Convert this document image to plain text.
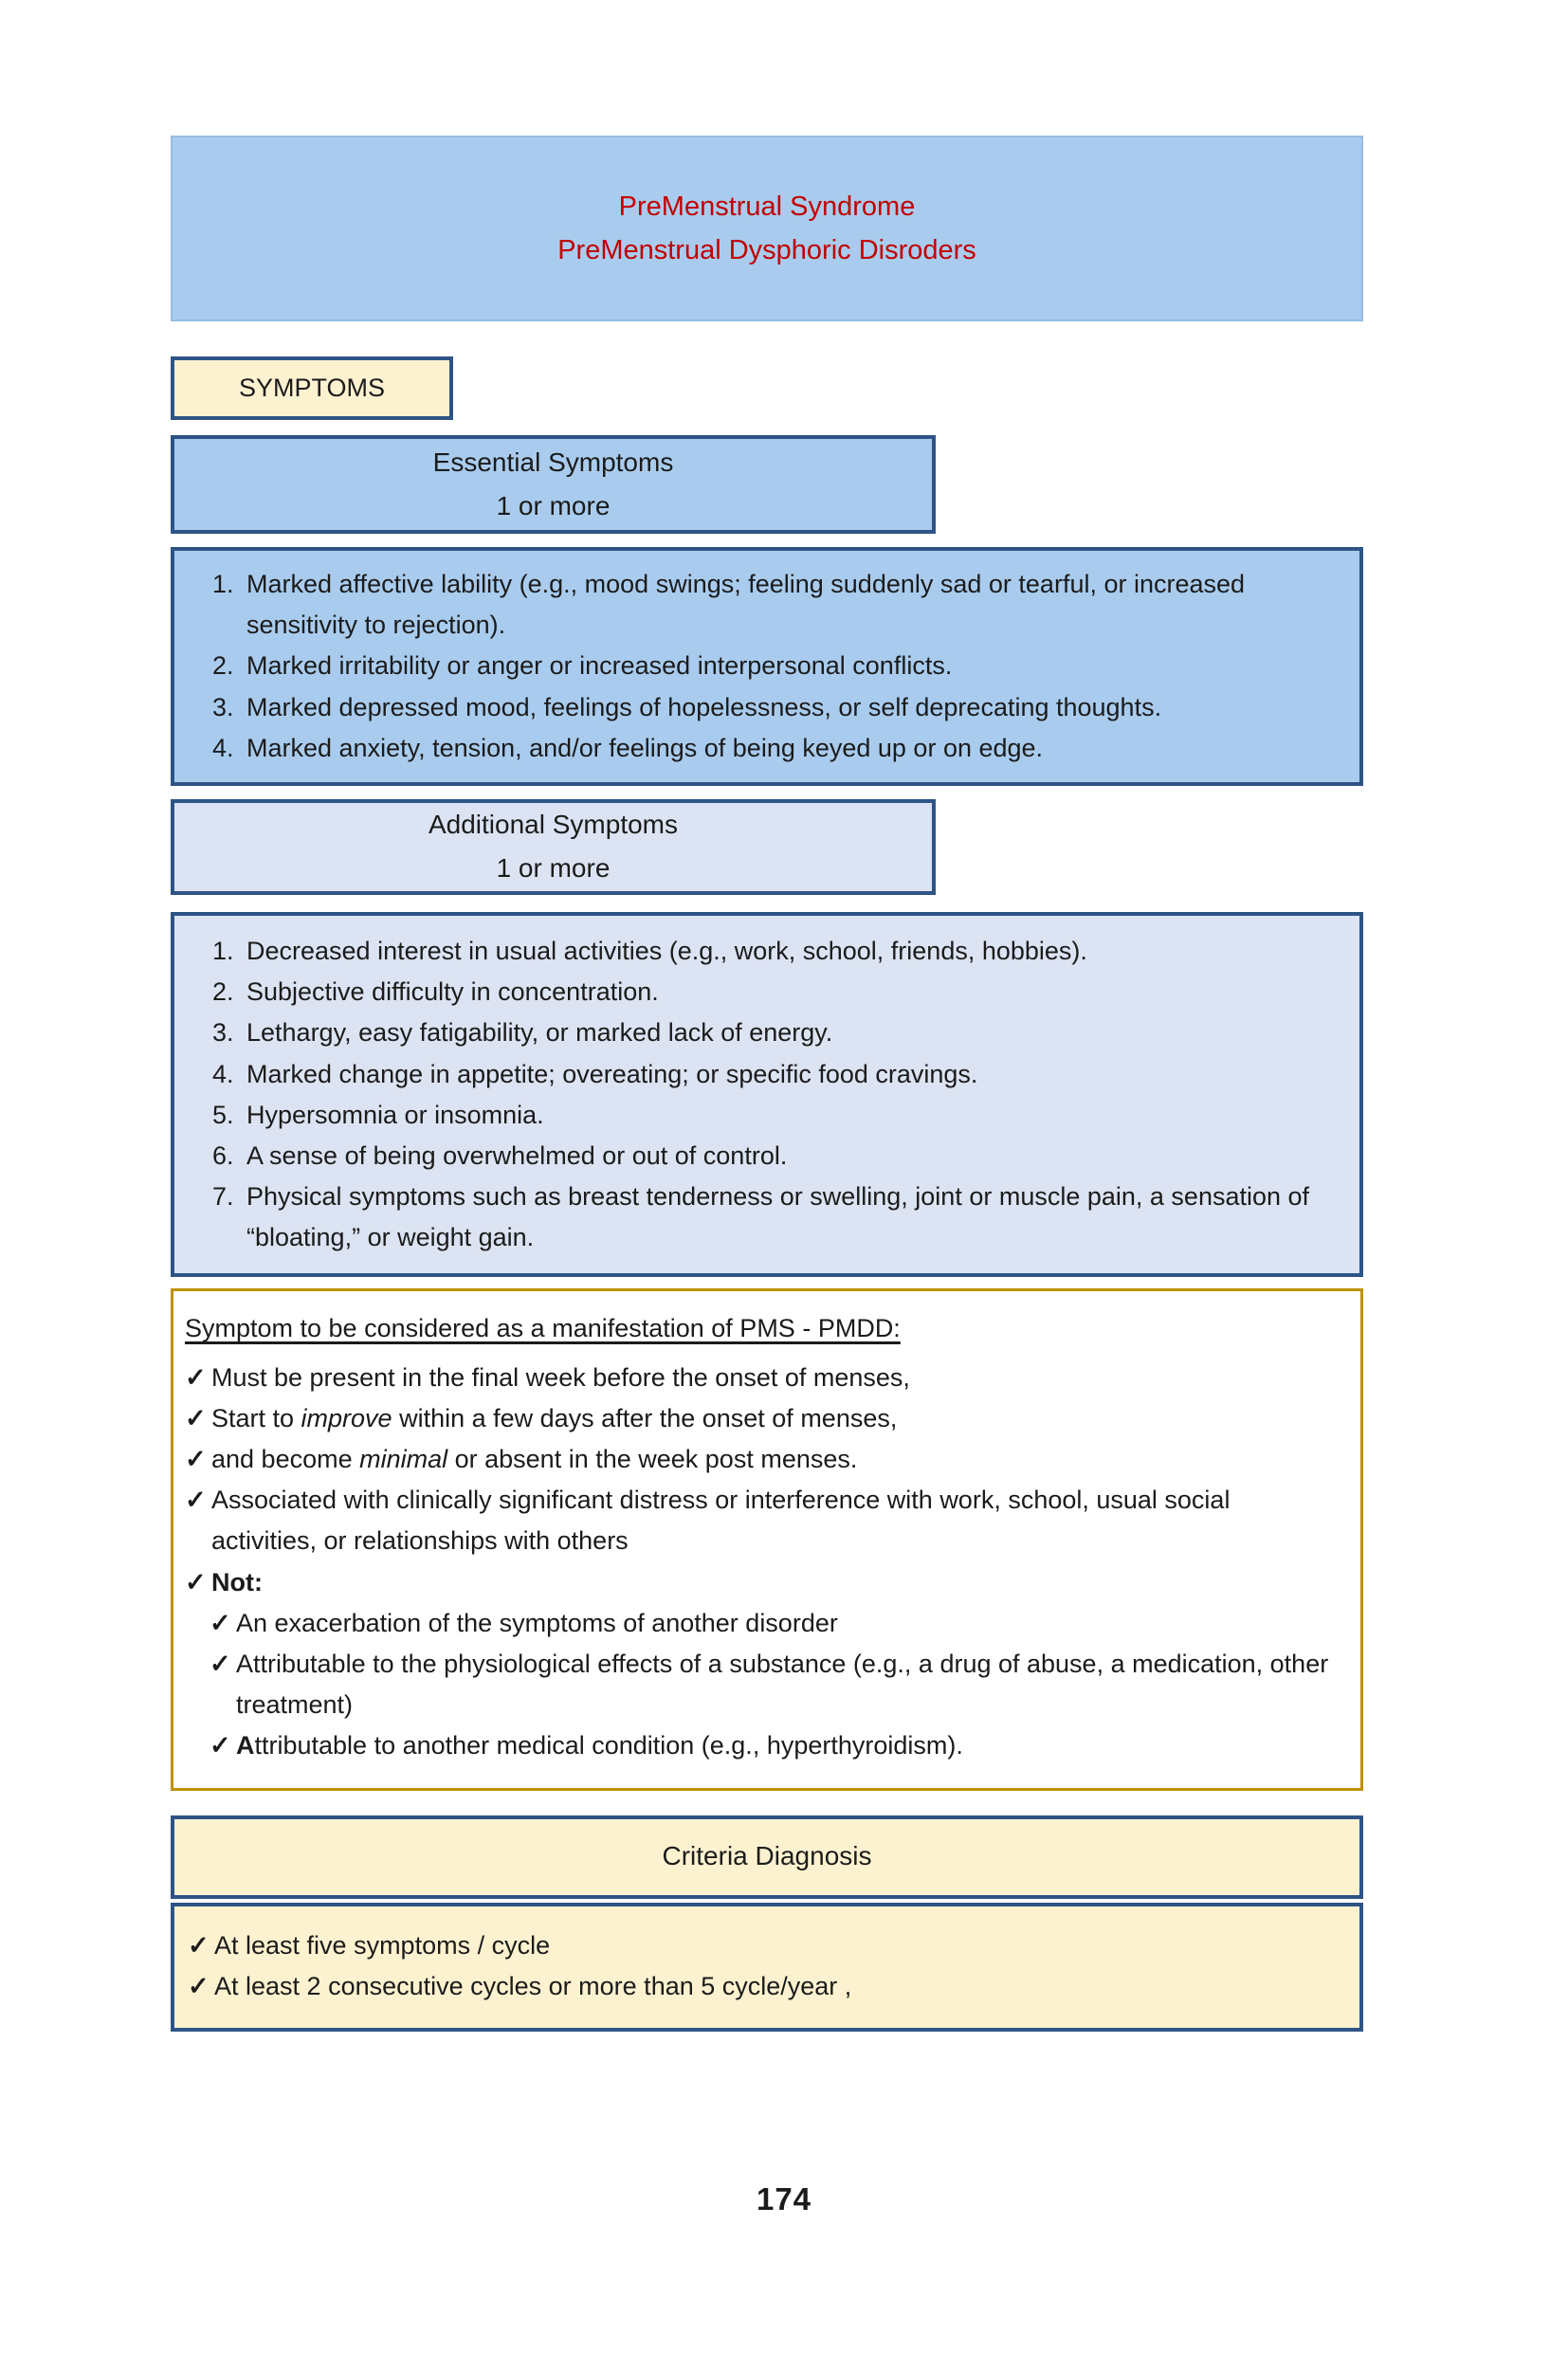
PreMenstrual Syndrome
PreMenstrual Dysphoric Disroders
SYMPTOMS
Essential Symptoms
1 or more
1. Marked affective lability (e.g., mood swings; feeling suddenly sad or tearful, or increased sensitivity to rejection).
2. Marked irritability or anger or increased interpersonal conflicts.
3. Marked depressed mood, feelings of hopelessness, or self deprecating thoughts.
4. Marked anxiety, tension, and/or feelings of being keyed up or on edge.
Additional Symptoms
1 or more
1. Decreased interest in usual activities (e.g., work, school, friends, hobbies).
2. Subjective difficulty in concentration.
3. Lethargy, easy fatigability, or marked lack of energy.
4. Marked change in appetite; overeating; or specific food cravings.
5. Hypersomnia or insomnia.
6. A sense of being overwhelmed or out of control.
7. Physical symptoms such as breast tenderness or swelling, joint or muscle pain, a sensation of “bloating,” or weight gain.
Symptom to be considered as a manifestation of PMS - PMDD:
✓ Must be present in the final week before the onset of menses,
✓ Start to improve within a few days after the onset of menses,
✓ and become minimal or absent in the week post menses.
✓ Associated with clinically significant distress or interference with work, school, usual social activities, or relationships with others
✓ Not:
✓ An exacerbation of the symptoms of another disorder
✓ Attributable to the physiological effects of a substance (e.g., a drug of abuse, a medication, other treatment)
✓ Attributable to another medical condition (e.g., hyperthyroidism).
Criteria Diagnosis
✓ At least five symptoms / cycle
✓ At least 2 consecutive cycles or more than 5 cycle/year ,
174
